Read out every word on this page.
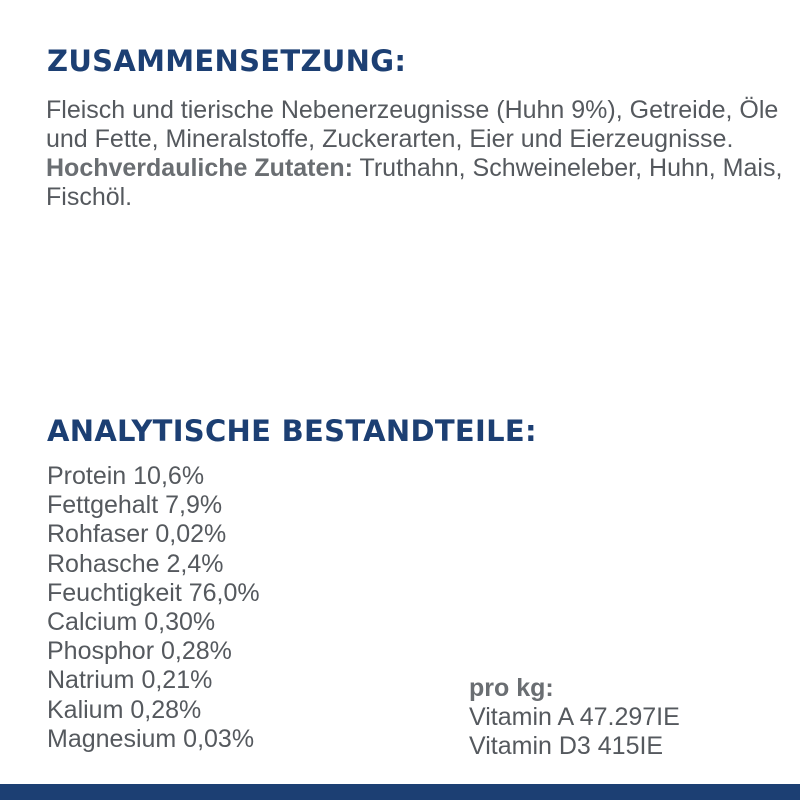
ZUSAMMENSETZUNG:

Fleisch und tierische Nebenerzeugnisse (Huhn 9%), Getreide, Öle und Fette, Mineralstoffe, Zuckerarten, Eier und Eierzeugnisse.
Hochverdauliche Zutaten: Truthahn, Schweineleber, Huhn, Mais, Fischöl.

ANALYTISCHE BESTANDTEILE:
Protein 10,6%
Fettgehalt 7,9%
Rohfaser 0,02%
Rohasche 2,4%
Feuchtigkeit 76,0%
Calcium 0,30%
Phosphor 0,28%
Natrium 0,21%
Kalium 0,28%
Magnesium 0,03%
pro kg:
Vitamin A 47.297IE
Vitamin D3 415IE
